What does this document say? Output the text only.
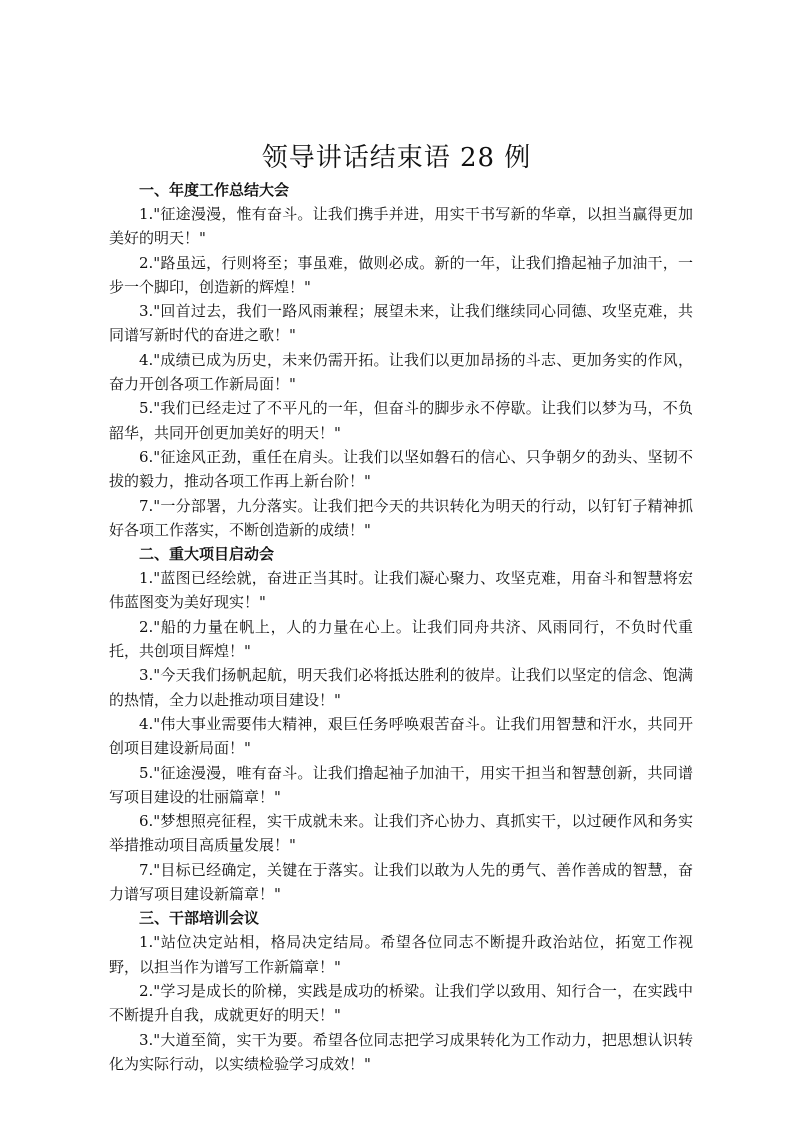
领导讲话结束语 28 例

一、年度工作总结大会

1."征途漫漫，惟有奋斗。让我们携手并进，用实干书写新的华章，以担当赢得更加美好的明天！"

2."路虽远，行则将至；事虽难，做则必成。新的一年，让我们撸起袖子加油干，一步一个脚印，创造新的辉煌！"

3."回首过去，我们一路风雨兼程；展望未来，让我们继续同心同德、攻坚克难，共同谱写新时代的奋进之歌！"

4."成绩已成为历史，未来仍需开拓。让我们以更加昂扬的斗志、更加务实的作风，奋力开创各项工作新局面！"

5."我们已经走过了不平凡的一年，但奋斗的脚步永不停歇。让我们以梦为马，不负韶华，共同开创更加美好的明天！"

6."征途风正劲，重任在肩头。让我们以坚如磐石的信心、只争朝夕的劲头、坚韧不拔的毅力，推动各项工作再上新台阶！"

7."一分部署，九分落实。让我们把今天的共识转化为明天的行动，以钉钉子精神抓好各项工作落实，不断创造新的成绩！"

二、重大项目启动会

1."蓝图已经绘就，奋进正当其时。让我们凝心聚力、攻坚克难，用奋斗和智慧将宏伟蓝图变为美好现实！"

2."船的力量在帆上，人的力量在心上。让我们同舟共济、风雨同行，不负时代重托，共创项目辉煌！"

3."今天我们扬帆起航，明天我们必将抵达胜利的彼岸。让我们以坚定的信念、饱满的热情，全力以赴推动项目建设！"

4."伟大事业需要伟大精神，艰巨任务呼唤艰苦奋斗。让我们用智慧和汗水，共同开创项目建设新局面！"

5."征途漫漫，唯有奋斗。让我们撸起袖子加油干，用实干担当和智慧创新，共同谱写项目建设的壮丽篇章！"

6."梦想照亮征程，实干成就未来。让我们齐心协力、真抓实干，以过硬作风和务实举措推动项目高质量发展！"

7."目标已经确定，关键在于落实。让我们以敢为人先的勇气、善作善成的智慧，奋力谱写项目建设新篇章！"

三、干部培训会议

1."站位决定站相，格局决定结局。希望各位同志不断提升政治站位，拓宽工作视野，以担当作为谱写工作新篇章！"

2."学习是成长的阶梯，实践是成功的桥梁。让我们学以致用、知行合一，在实践中不断提升自我，成就更好的明天！"

3."大道至简，实干为要。希望各位同志把学习成果转化为工作动力，把思想认识转化为实际行动，以实绩检验学习成效！"
